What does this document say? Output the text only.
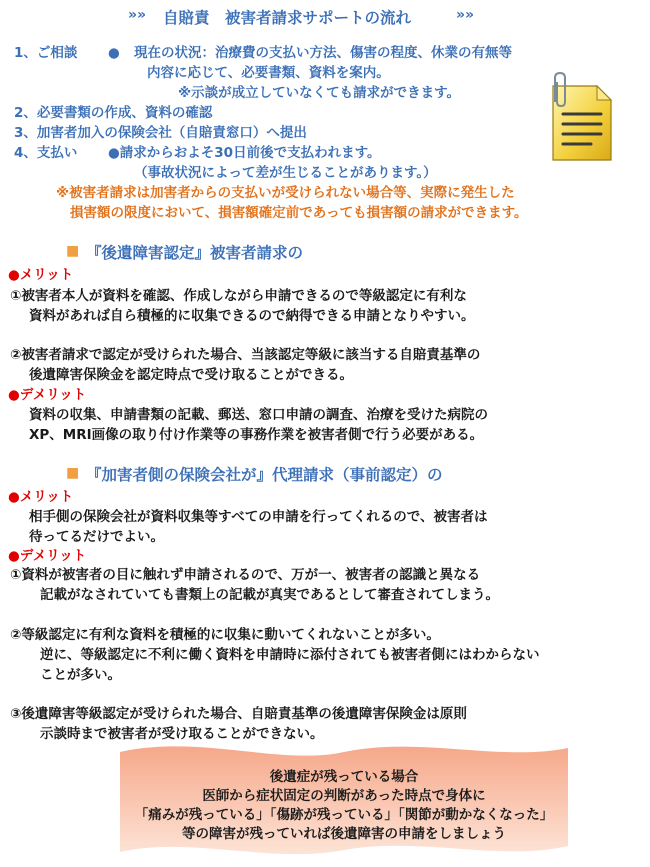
»» 自賠責　被害者請求サポートの流れ	»»
1、ご相談 ● 現在の状況：治療費の支払い方法、傷害の程度、休業の有無等
内容に応じて、必要書類、資料を案内。
※示談が成立していなくても請求ができます。
2、必要書類の作成、資料の確認
3、加害者加入の保険会社（自賠責窓口）へ提出
4、支払い ●請求からおよそ30日前後で支払われます。
（事故状況によって差が生じることがあります。）
※被害者請求は加害者からの支払いが受けられない場合等、実際に発生した
損害額の限度において、損害額確定前であっても損害額の請求ができます。
■ 『後遺障害認定』被害者請求の
●メリット
①被害者本人が資料を確認、作成しながら申請できるので等級認定に有利な
資料があれば自ら積極的に収集できるので納得できる申請となりやすい。
②被害者請求で認定が受けられた場合、当該認定等級に該当する自賠責基準の
後遺障害保険金を認定時点で受け取ることができる。
●デメリット
資料の収集、申請書類の記載、郵送、窓口申請の調査、治療を受けた病院の
XP、MRI画像の取り付け作業等の事務作業を被害者側で行う必要がある。
■ 『加害者側の保険会社が』代理請求（事前認定）の
●メリット
相手側の保険会社が資料収集等すべての申請を行ってくれるので、被害者は
待ってるだけでよい。
●デメリット
①資料が被害者の目に触れず申請されるので、万が一、被害者の認識と異なる
記載がなされていても書類上の記載が真実であるとして審査されてしまう。
②等級認定に有利な資料を積極的に収集に動いてくれないことが多い。
逆に、等級認定に不利に働く資料を申請時に添付されても被害者側にはわからない
ことが多い。
③後遺障害等級認定が受けられた場合、自賠責基準の後遺障害保険金は原則
示談時まで被害者が受け取ることができない。
後遺症が残っている場合
医師から症状固定の判断があった時点で身体に
「痛みが残っている」「傷跡が残っている」「関節が動かなくなった」
等の障害が残っていれば後遺障害の申請をしましょう
